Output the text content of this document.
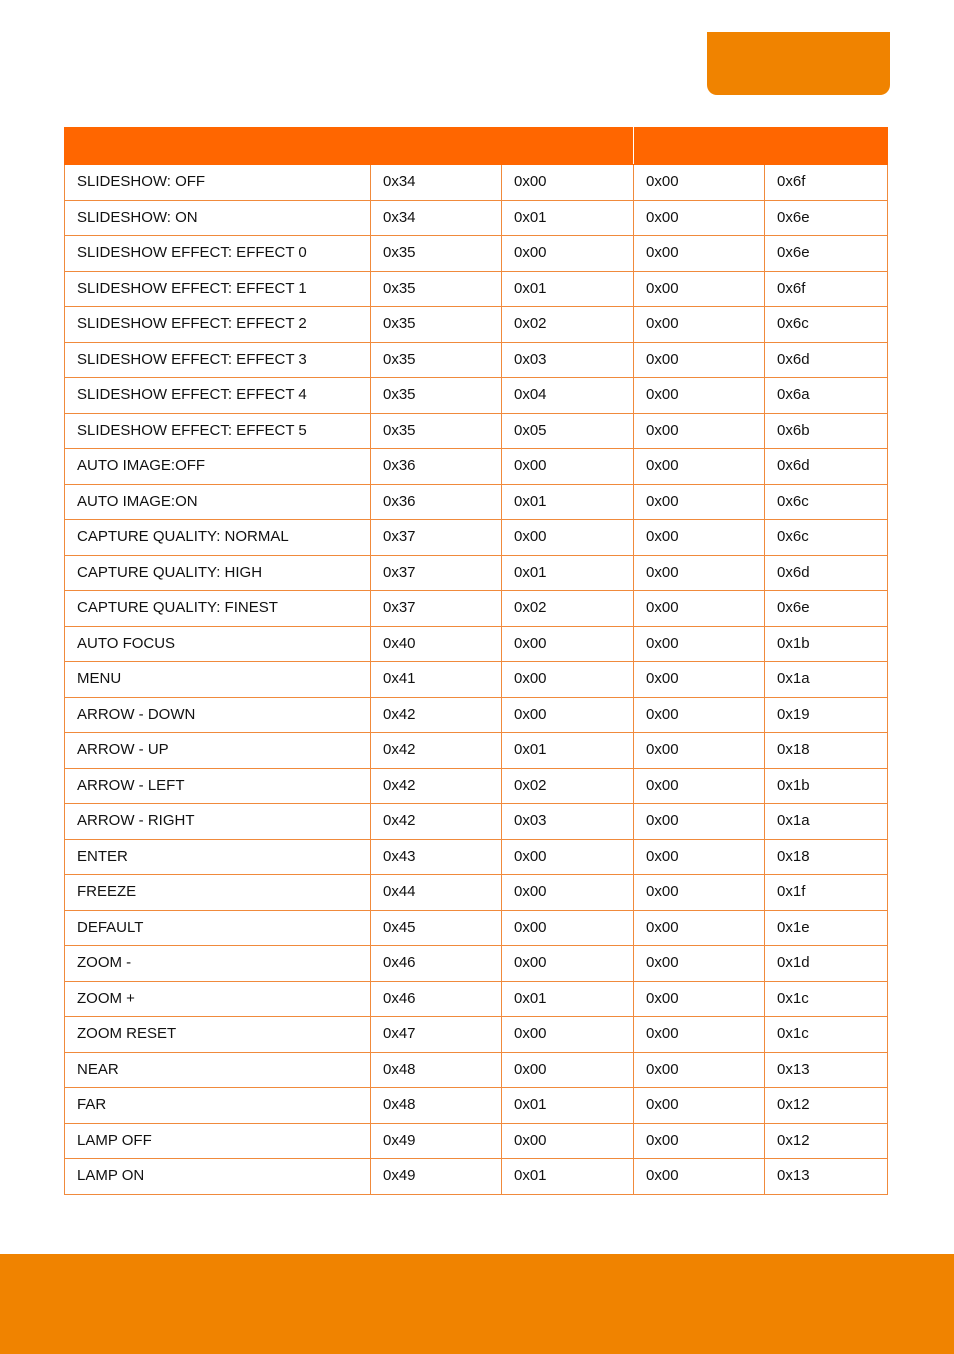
SLIDESHOW: OFF	0x34	0x00	0x00	0x6f
SLIDESHOW: ON	0x34	0x01	0x00	0x6e
SLIDESHOW EFFECT: EFFECT 0	0x35	0x00	0x00	0x6e
SLIDESHOW EFFECT: EFFECT 1	0x35	0x01	0x00	0x6f
SLIDESHOW EFFECT: EFFECT 2	0x35	0x02	0x00	0x6c
SLIDESHOW EFFECT: EFFECT 3	0x35	0x03	0x00	0x6d
SLIDESHOW EFFECT: EFFECT 4	0x35	0x04	0x00	0x6a
SLIDESHOW EFFECT: EFFECT 5	0x35	0x05	0x00	0x6b
AUTO IMAGE:OFF	0x36	0x00	0x00	0x6d
AUTO IMAGE:ON	0x36	0x01	0x00	0x6c
CAPTURE QUALITY: NORMAL	0x37	0x00	0x00	0x6c
CAPTURE QUALITY: HIGH	0x37	0x01	0x00	0x6d
CAPTURE QUALITY: FINEST	0x37	0x02	0x00	0x6e
AUTO FOCUS	0x40	0x00	0x00	0x1b
MENU	0x41	0x00	0x00	0x1a
ARROW - DOWN	0x42	0x00	0x00	0x19
ARROW - UP	0x42	0x01	0x00	0x18
ARROW - LEFT	0x42	0x02	0x00	0x1b
ARROW - RIGHT	0x42	0x03	0x00	0x1a
ENTER	0x43	0x00	0x00	0x18
FREEZE	0x44	0x00	0x00	0x1f
DEFAULT	0x45	0x00	0x00	0x1e
ZOOM -	0x46	0x00	0x00	0x1d
ZOOM +	0x46	0x01	0x00	0x1c
ZOOM RESET	0x47	0x00	0x00	0x1c
NEAR	0x48	0x00	0x00	0x13
FAR	0x48	0x01	0x00	0x12
LAMP OFF	0x49	0x00	0x00	0x12
LAMP ON	0x49	0x01	0x00	0x13
